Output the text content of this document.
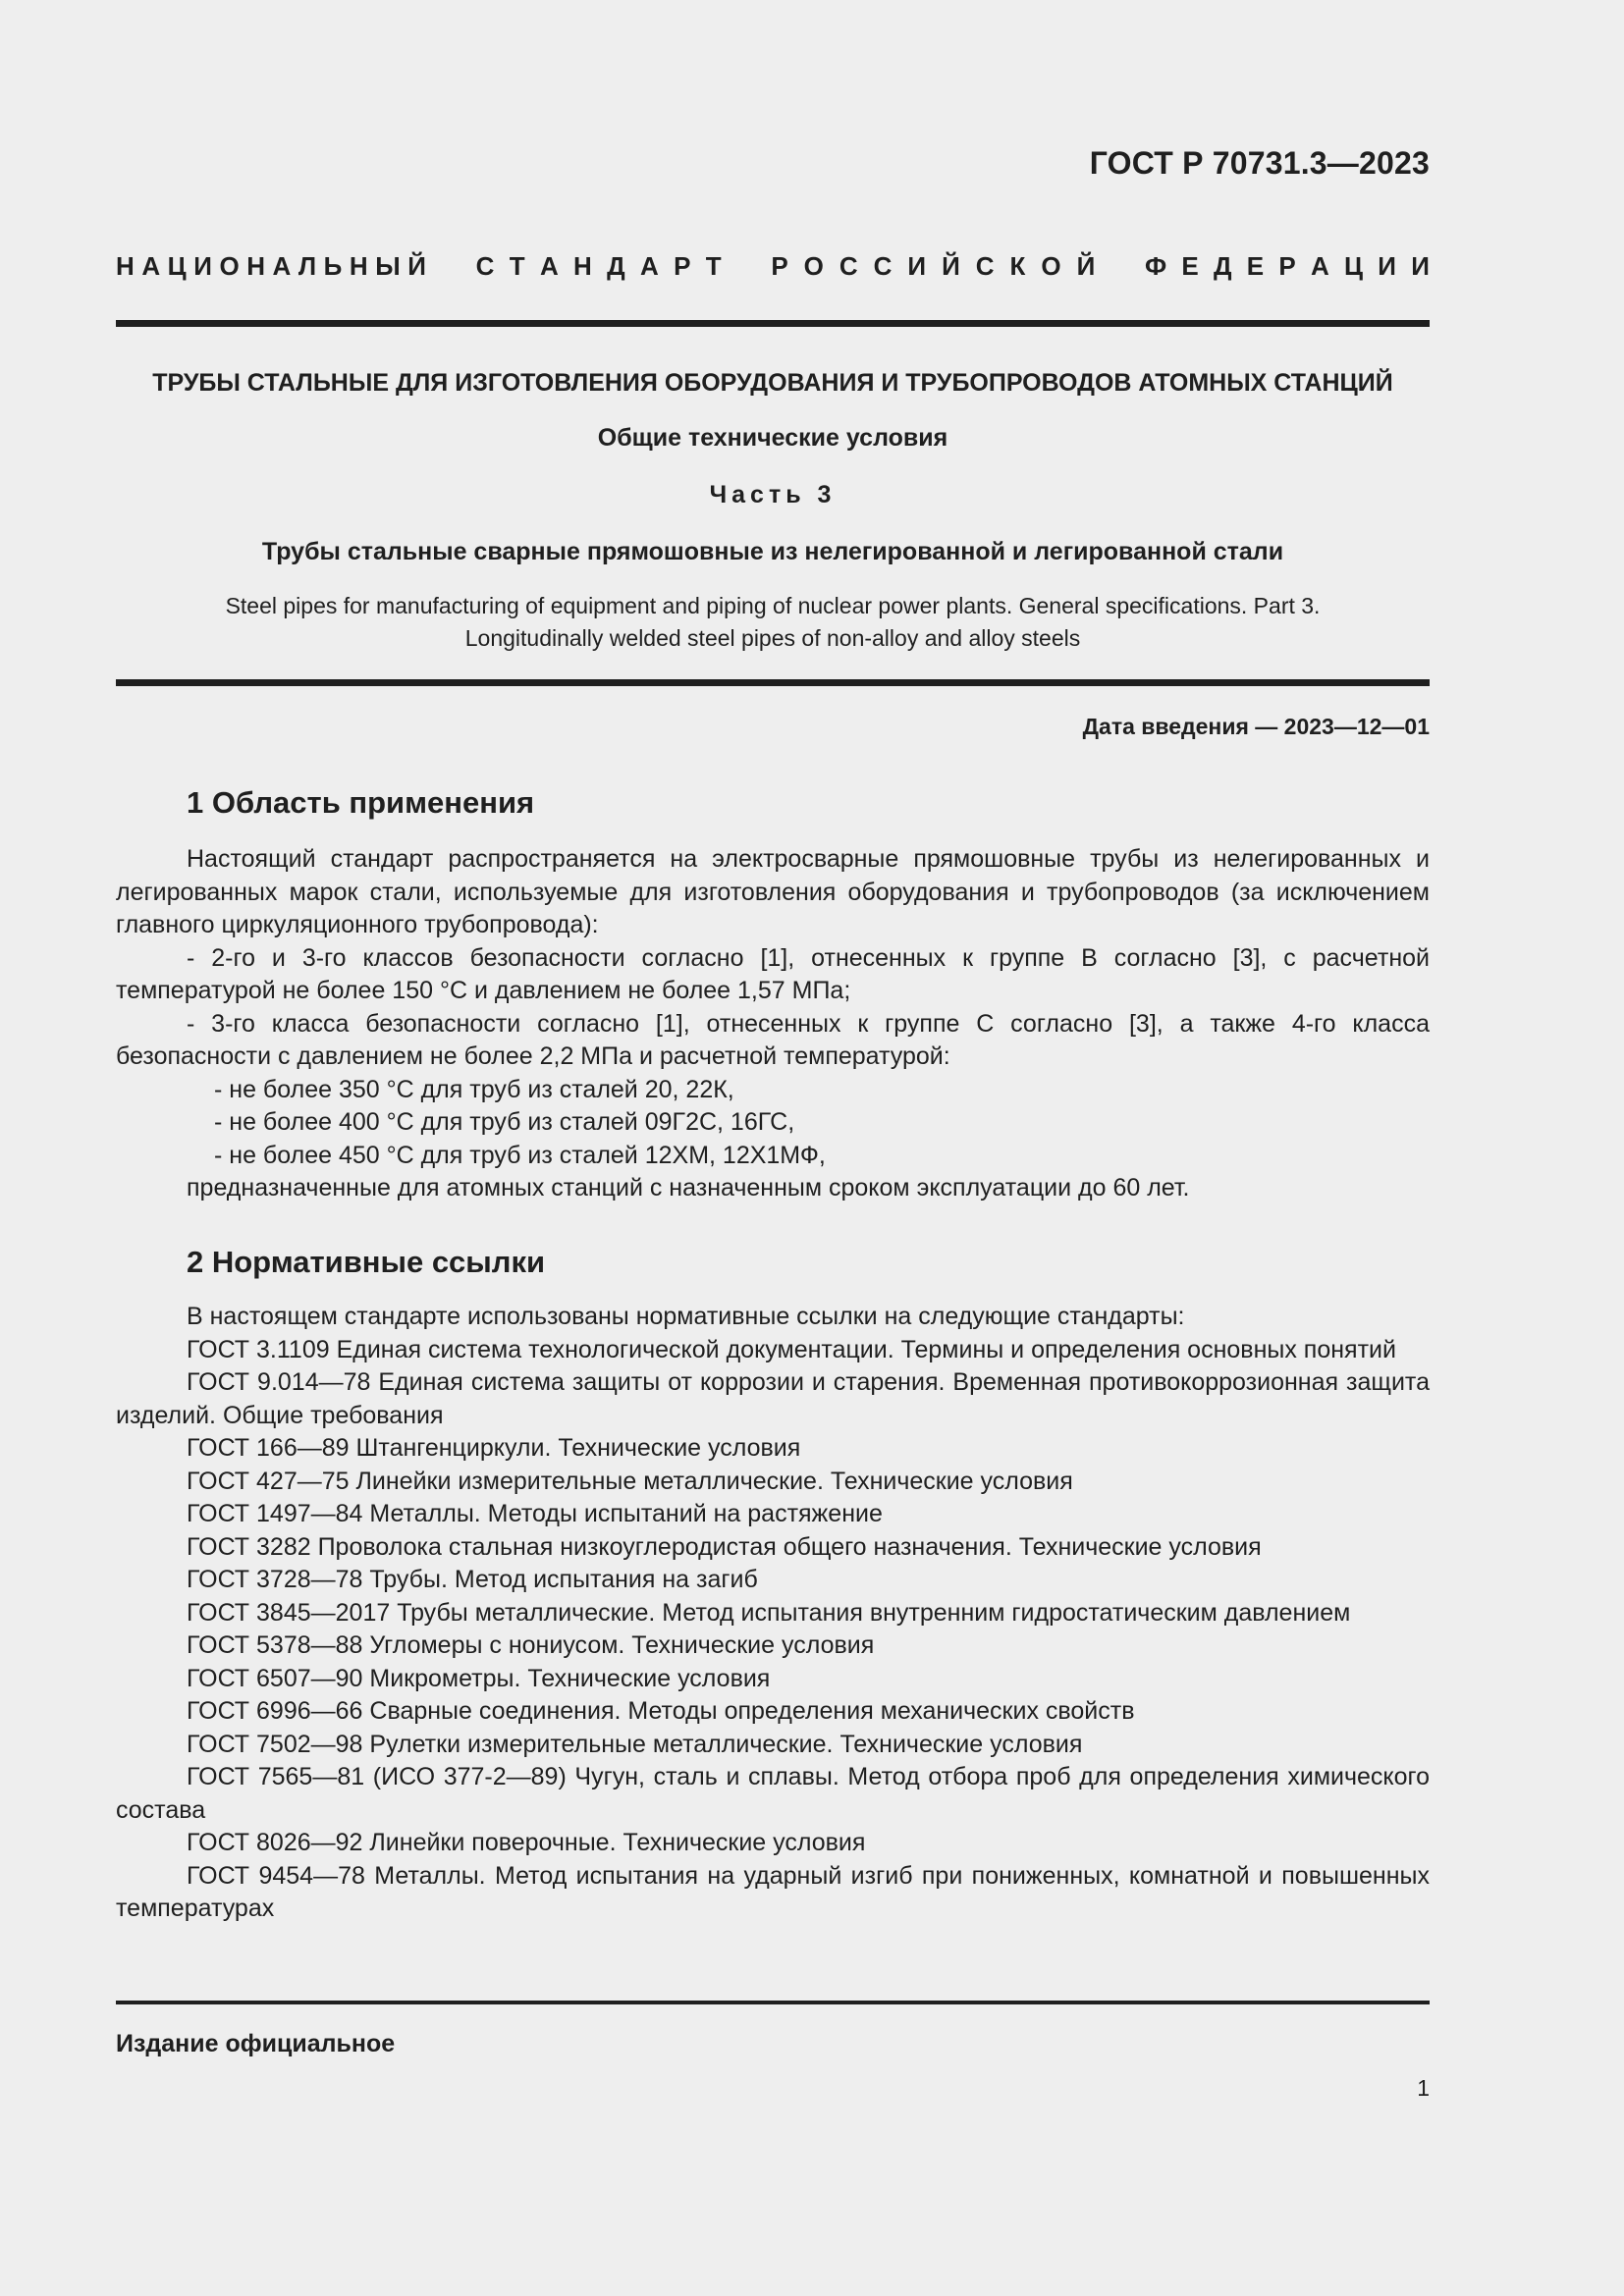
ГОСТ Р 70731.3—2023
Н А Ц И О Н А Л Ь Н Ы Й С Т А Н Д А Р Т Р О С С И Й С К О Й Ф Е Д Е Р А Ц И И
ТРУБЫ СТАЛЬНЫЕ ДЛЯ ИЗГОТОВЛЕНИЯ ОБОРУДОВАНИЯ И ТРУБОПРОВОДОВ АТОМНЫХ СТАНЦИЙ
Общие технические условия
Часть 3
Трубы стальные сварные прямошовные из нелегированной и легированной стали
Steel pipes for manufacturing of equipment and piping of nuclear power plants. General specifications. Part 3. Longitudinally welded steel pipes of non-alloy and alloy steels
Дата введения — 2023—12—01
1 Область применения

Настоящий стандарт распространяется на электросварные прямошовные трубы из нелегированных и легированных марок стали, используемые для изготовления оборудования и трубопроводов (за исключением главного циркуляционного трубопровода):

- 2-го и 3-го классов безопасности согласно [1], отнесенных к группе В согласно [3], с расчетной температурой не более 150 °С и давлением не более 1,57 МПа;

- 3-го класса безопасности согласно [1], отнесенных к группе С согласно [3], а также 4-го класса безопасности с давлением не более 2,2 МПа и расчетной температурой:

- не более 350 °С для труб из сталей 20, 22К,

- не более 400 °С для труб из сталей 09Г2С, 16ГС,

- не более 450 °С для труб из сталей 12ХМ, 12Х1МФ,

предназначенные для атомных станций с назначенным сроком эксплуатации до 60 лет.

2 Нормативные ссылки

В настоящем стандарте использованы нормативные ссылки на следующие стандарты:

ГОСТ 3.1109 Единая система технологической документации. Термины и определения основных понятий

ГОСТ 9.014—78 Единая система защиты от коррозии и старения. Временная противокоррозионная защита изделий. Общие требования

ГОСТ 166—89 Штангенциркули. Технические условия

ГОСТ 427—75 Линейки измерительные металлические. Технические условия

ГОСТ 1497—84 Металлы. Методы испытаний на растяжение

ГОСТ 3282 Проволока стальная низкоуглеродистая общего назначения. Технические условия

ГОСТ 3728—78 Трубы. Метод испытания на загиб

ГОСТ 3845—2017 Трубы металлические. Метод испытания внутренним гидростатическим давлением

ГОСТ 5378—88 Угломеры с нониусом. Технические условия

ГОСТ 6507—90 Микрометры. Технические условия

ГОСТ 6996—66 Сварные соединения. Методы определения механических свойств

ГОСТ 7502—98 Рулетки измерительные металлические. Технические условия

ГОСТ 7565—81 (ИСО 377-2—89) Чугун, сталь и сплавы. Метод отбора проб для определения химического состава

ГОСТ 8026—92 Линейки поверочные. Технические условия

ГОСТ 9454—78 Металлы. Метод испытания на ударный изгиб при пониженных, комнатной и повышенных температурах

Издание официальное
1
